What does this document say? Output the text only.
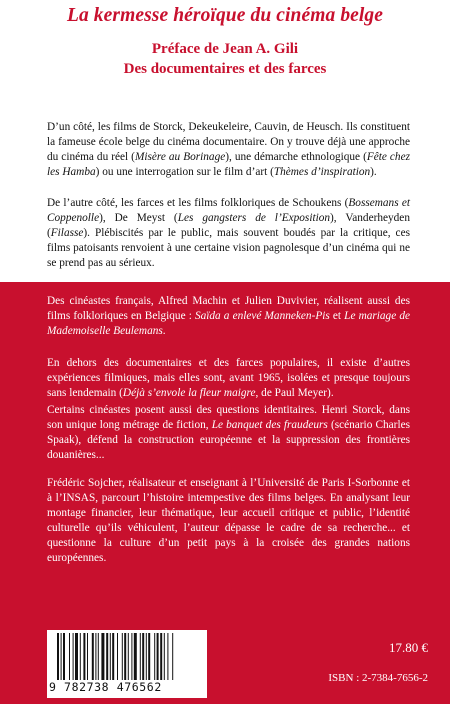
La kermesse héroïque du cinéma belge
Préface de Jean A. Gili
Des documentaires et des farces

D’un côté, les films de Storck, Dekeukeleire, Cauvin, de Heusch. Ils constituent la fameuse école belge du cinéma documentaire. On y trouve déjà une approche du cinéma du réel (Misère au Borinage), une démarche ethnologique (Fête chez les Hamba) ou une interrogation sur le film d’art (Thèmes d’inspiration).

De l’autre côté, les farces et les films folkloriques de Schoukens (Bossemans et Coppenolle), De Meyst (Les gangsters de l’Exposition), Vanderheyden (Filasse). Plébiscités par le public, mais souvent boudés par la critique, ces films patoisants renvoient à une certaine vision pagnolesque d’un cinéma qui ne se prend pas au sérieux.

Des cinéastes français, Alfred Machin et Julien Duvivier, réalisent aussi des films folkloriques en Belgique : Saïda a enlevé Manneken-Pis et Le mariage de Mademoiselle Beulemans.

En dehors des documentaires et des farces populaires, il existe d’autres expériences filmiques, mais elles sont, avant 1965, isolées et presque toujours sans lendemain (Déjà s’envole la fleur maigre, de Paul Meyer).

Certains cinéastes posent aussi des questions identitaires. Henri Storck, dans son unique long métrage de fiction, Le banquet des fraudeurs (scénario Charles Spaak), défend la construction européenne et la suppression des frontières douanières...

Frédéric Sojcher, réalisateur et enseignant à l’Université de Paris I-Sorbonne et à l’INSAS, parcourt l’histoire intempestive des films belges. En analysant leur montage financier, leur thématique, leur accueil critique et public, l’identité culturelle qu’ils véhiculent, l’auteur dépasse le cadre de sa recherche... et questionne la culture d’un petit pays à la croisée des grandes nations européennes.

9 782738 476562
17.80 €
ISBN : 2-7384-7656-2
